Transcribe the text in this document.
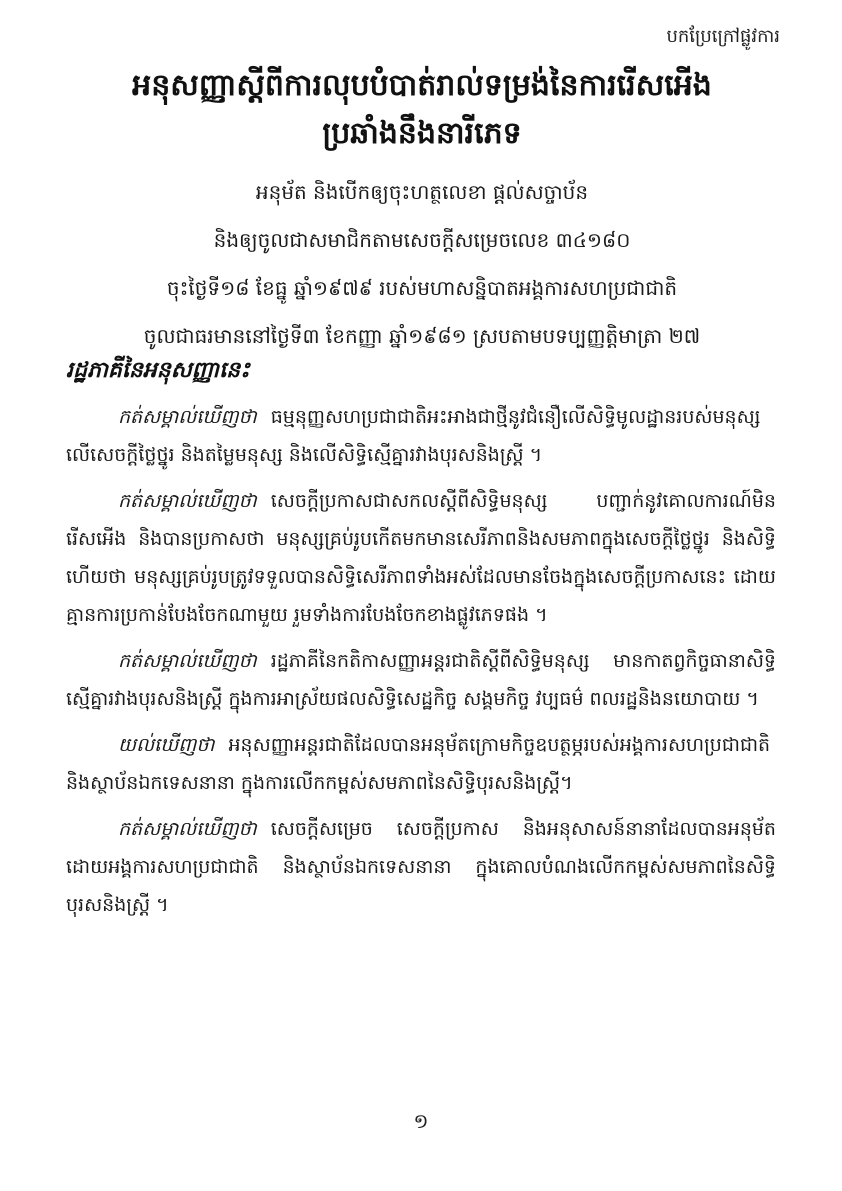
បកប្រែក្រៅផ្លូវការ
អនុសញ្ញាស្ដីពីការលុបបំបាត់រាល់ទម្រង់នៃការរើសអើង
ប្រឆាំងនឹងនារីភេទ
អនុម័ត និងបើកឲ្យចុះហត្ថលេខា ផ្ដល់សច្ចាប័ន
និងឲ្យចូលជាសមាជិកតាមសេចក្ដីសម្រេចលេខ ៣៤១៨០
ចុះថ្ងៃទី១៨ ខែធ្នូ ឆ្នាំ១៩៧៩ របស់មហាសន្និបាតអង្គការសហប្រជាជាតិ
ចូលជាធរមាននៅថ្ងៃទី៣ ខែកញ្ញា ឆ្នាំ១៩៨១ ស្របតាមបទប្បញ្ញត្តិមាត្រា ២៧
រដ្ឋភាគីនៃអនុសញ្ញានេះ

កត់សម្គាល់ឃើញថា ធម្មនុញ្ញសហប្រជាជាតិអះអាងជាថ្មីនូវជំនឿលើសិទ្ធិមូលដ្ឋានរបស់មនុស្ស លើសេចក្ដីថ្លៃថ្នូរ និងតម្លៃមនុស្ស និងលើសិទ្ធិស្មើគ្នារវាងបុរសនិងស្ត្រី ។

កត់សម្គាល់ឃើញថា សេចក្ដីប្រកាសជាសកលស្ដីពីសិទ្ធិមនុស្ស បញ្ជាក់នូវគោលការណ៍មិនរើសអើង និងបានប្រកាសថា មនុស្សគ្រប់រូបកើតមកមានសេរីភាពនិងសមភាពក្នុងសេចក្ដីថ្លៃថ្នូរ និងសិទ្ធិ ហើយថា មនុស្សគ្រប់រូបត្រូវទទួលបានសិទ្ធិសេរីភាពទាំងអស់ដែលមានចែងក្នុងសេចក្ដីប្រកាសនេះ ដោយគ្មានការប្រកាន់បែងចែកណាមួយ រួមទាំងការបែងចែកខាងផ្លូវភេទផង ។

កត់សម្គាល់ឃើញថា រដ្ឋភាគីនៃកតិកាសញ្ញាអន្តរជាតិស្ដីពីសិទ្ធិមនុស្ស មានកាតព្វកិច្ចធានាសិទ្ធិស្មើគ្នារវាងបុរសនិងស្ត្រី ក្នុងការអាស្រ័យផលសិទ្ធិសេដ្ឋកិច្ច សង្គមកិច្ច វប្បធម៌ ពលរដ្ឋនិងនយោបាយ ។

យល់ឃើញថា អនុសញ្ញាអន្តរជាតិដែលបានអនុម័តក្រោមកិច្ចឧបត្ថម្ភរបស់អង្គការសហប្រជាជាតិ និងស្ថាប័នឯកទេសនានា ក្នុងការលើកកម្ពស់សមភាពនៃសិទ្ធិបុរសនិងស្ត្រី។

កត់សម្គាល់ឃើញថា សេចក្ដីសម្រេច សេចក្ដីប្រកាស និងអនុសាសន៍នានាដែលបានអនុម័តដោយអង្គការសហប្រជាជាតិ និងស្ថាប័នឯកទេសនានា ក្នុងគោលបំណងលើកកម្ពស់សមភាពនៃសិទ្ធិបុរសនិងស្ត្រី ។

១
